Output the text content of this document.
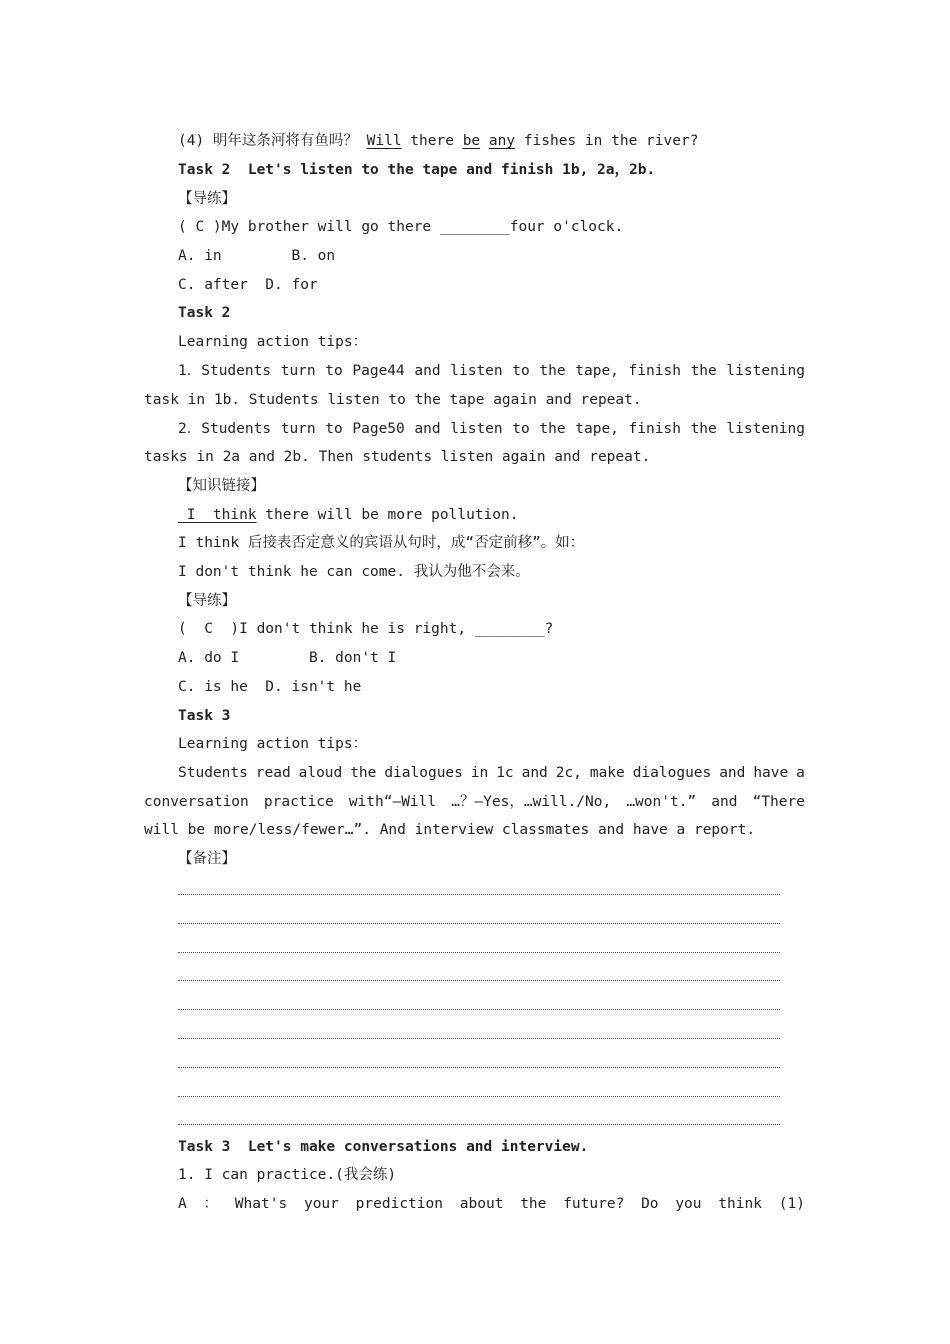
(4) 明年这条河将有鱼吗？ Will there be any fishes in the river?
Task 2  Let's listen to the tape and finish 1b, 2a，2b.
【导练】
( C )My brother will go there ________four o'clock.
A. in        B. on
C. after  D. for
Task 2
Learning action tips：
1．Students turn to Page44 and listen to the tape, finish the listening
task in 1b. Students listen to the tape again and repeat.
2．Students turn to Page50 and listen to the tape, finish the listening
tasks in 2a and 2b. Then students listen again and repeat.
【知识链接】
I  think there will be more pollution.
I think 后接表否定意义的宾语从句时，成“否定前移”。如：
I don't think he can come. 我认为他不会来。
【导练】
(  C  )I don't think he is right, ________?
A. do I        B. don't I
C. is he  D. isn't he
Task 3
Learning action tips：
Students read aloud the dialogues in 1c and 2c, make dialogues and have a
conversation practice with“—Will …？—Yes，…will./No, …won't.” and “There
will be more/less/fewer…”. And interview classmates and have a report.
【备注】
Task 3  Let's make conversations and interview.
1. I can practice.(我会练)
A ： What's your prediction about the future? Do you think (1)
